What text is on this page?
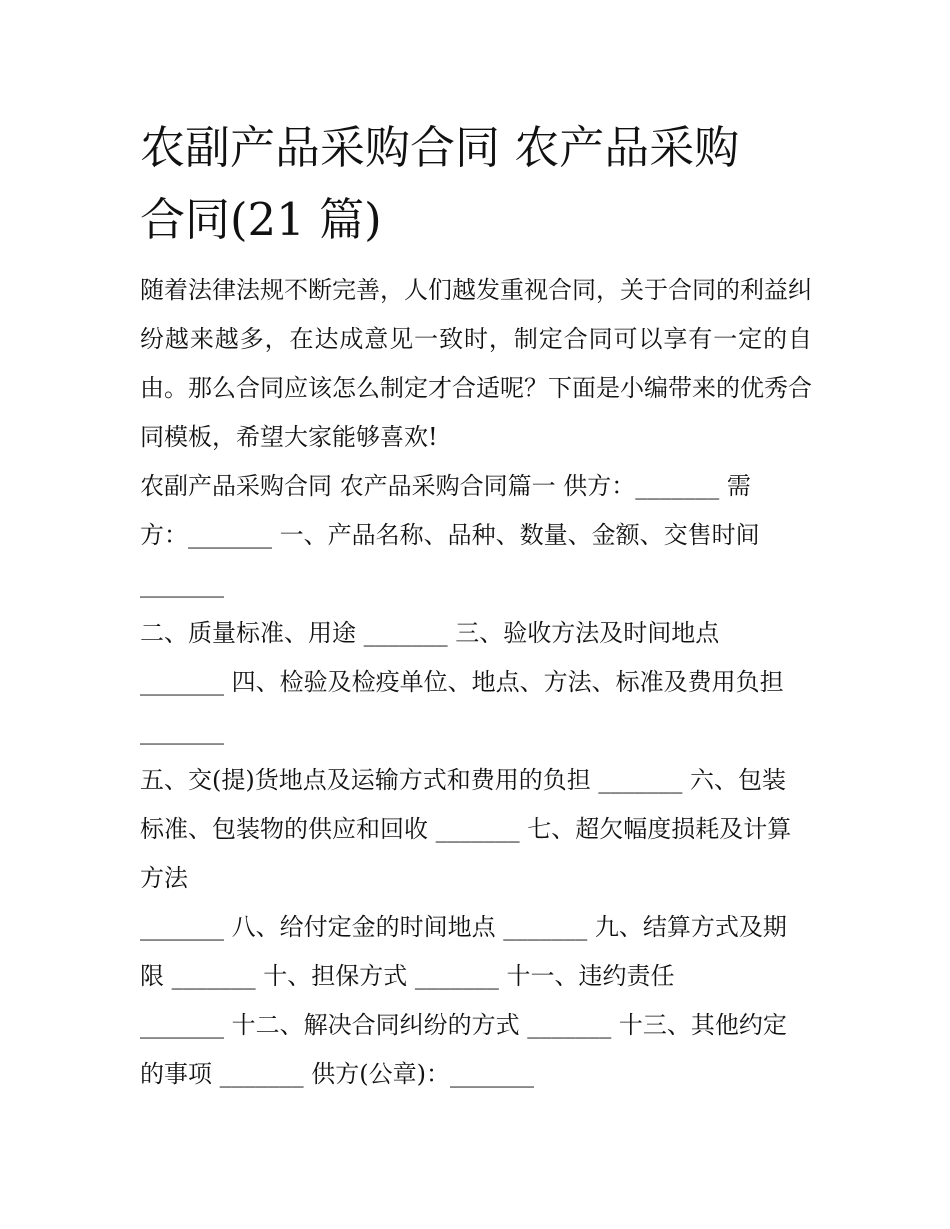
农副产品采购合同 农产品采购
合同(21 篇)

随着法律法规不断完善，人们越发重视合同，关于合同的利益纠纷越来越多，在达成意见一致时，制定合同可以享有一定的自由。那么合同应该怎么制定才合适呢？下面是小编带来的优秀合同模板，希望大家能够喜欢!

农副产品采购合同 农产品采购合同篇一 供方：_______ 需
方：_______ 一、产品名称、品种、数量、金额、交售时间
_______
二、质量标准、用途 _______ 三、验收方法及时间地点
_______ 四、检验及检疫单位、地点、方法、标准及费用负担
_______
五、交(提)货地点及运输方式和费用的负担 _______ 六、包装
标准、包装物的供应和回收 _______ 七、超欠幅度损耗及计算
方法
_______ 八、给付定金的时间地点 _______ 九、结算方式及期
限 _______ 十、担保方式 _______ 十一、违约责任
_______ 十二、解决合同纠纷的方式 _______ 十三、其他约定
的事项 _______ 供方(公章)：_______
